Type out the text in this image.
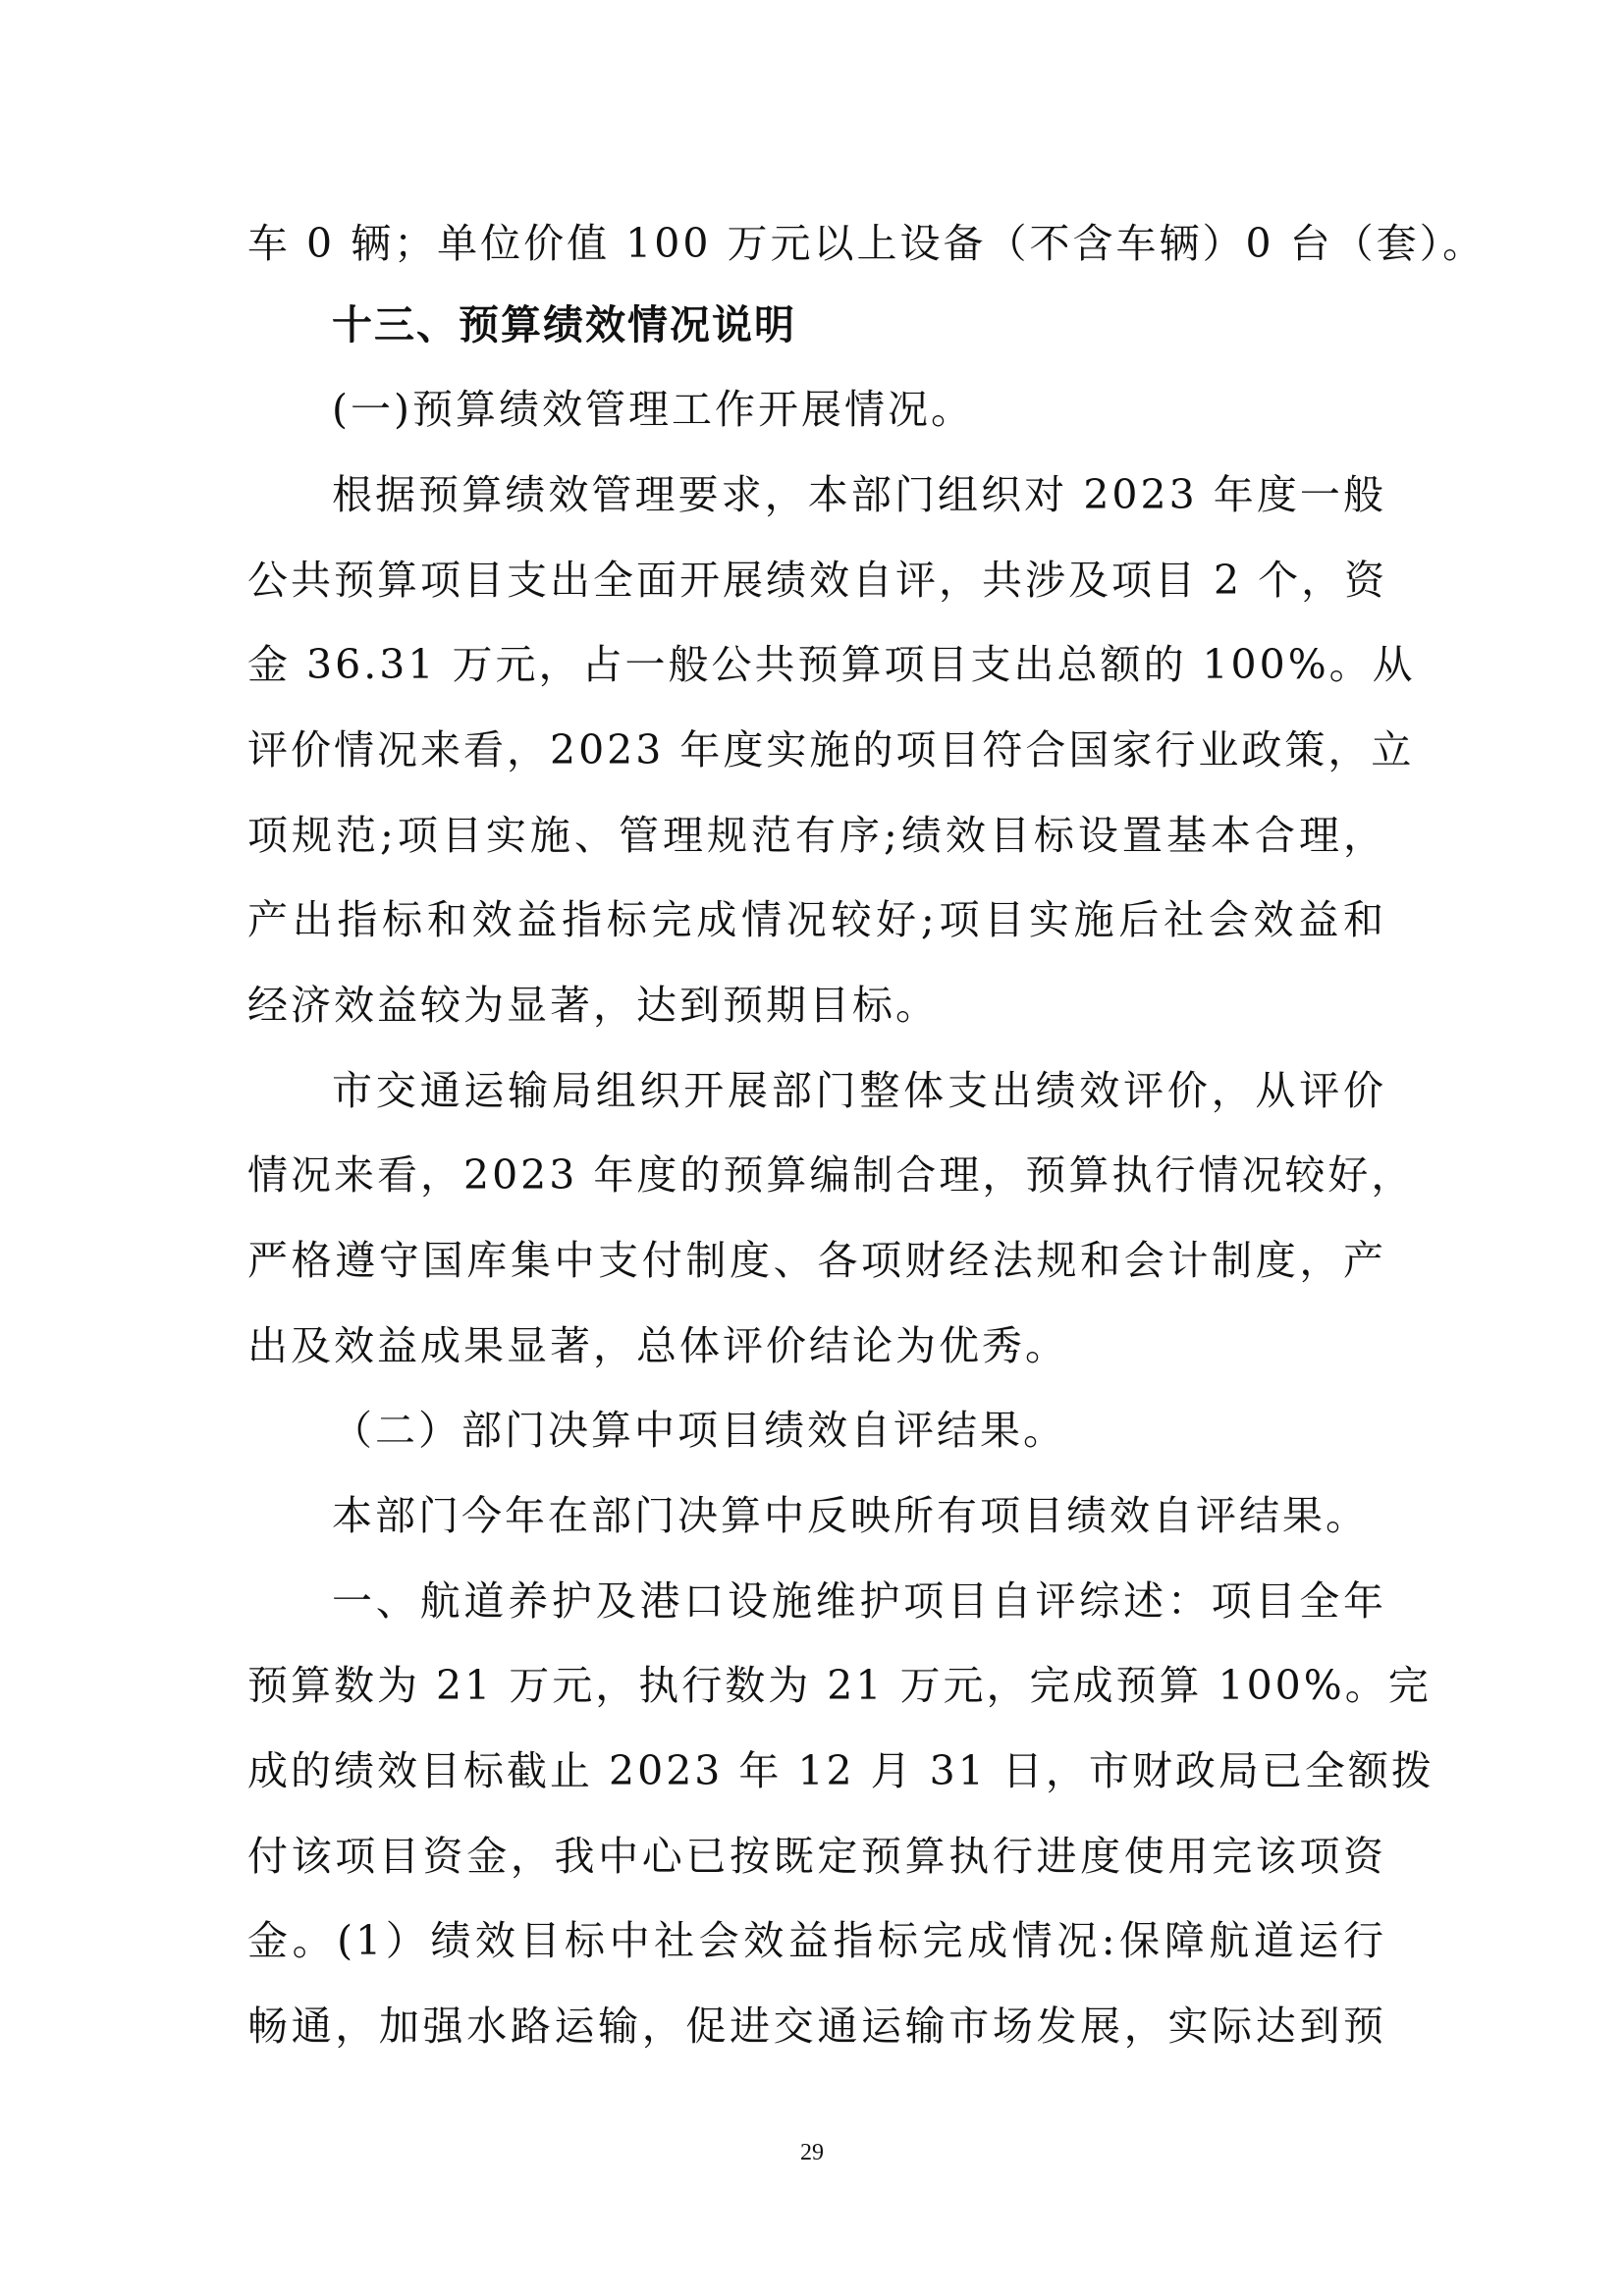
车 0 辆；单位价值 100 万元以上设备（不含车辆）0 台（套）。
十三、预算绩效情况说明
(一)预算绩效管理工作开展情况。
根据预算绩效管理要求，本部门组织对 2023 年度一般
公共预算项目支出全面开展绩效自评，共涉及项目 2 个，资
金 36.31 万元，占一般公共预算项目支出总额的 100%。从
评价情况来看，2023 年度实施的项目符合国家行业政策，立
项规范;项目实施、管理规范有序;绩效目标设置基本合理，
产出指标和效益指标完成情况较好;项目实施后社会效益和
经济效益较为显著，达到预期目标。
市交通运输局组织开展部门整体支出绩效评价，从评价
情况来看，2023 年度的预算编制合理，预算执行情况较好，
严格遵守国库集中支付制度、各项财经法规和会计制度，产
出及效益成果显著，总体评价结论为优秀。
（二）部门决算中项目绩效自评结果。
本部门今年在部门决算中反映所有项目绩效自评结果。
一、航道养护及港口设施维护项目自评综述：项目全年
预算数为 21 万元，执行数为 21 万元，完成预算 100%。完
成的绩效目标截止 2023 年 12 月 31 日，市财政局已全额拨
付该项目资金，我中心已按既定预算执行进度使用完该项资
金。(1）绩效目标中社会效益指标完成情况:保障航道运行
畅通，加强水路运输，促进交通运输市场发展，实际达到预
29
